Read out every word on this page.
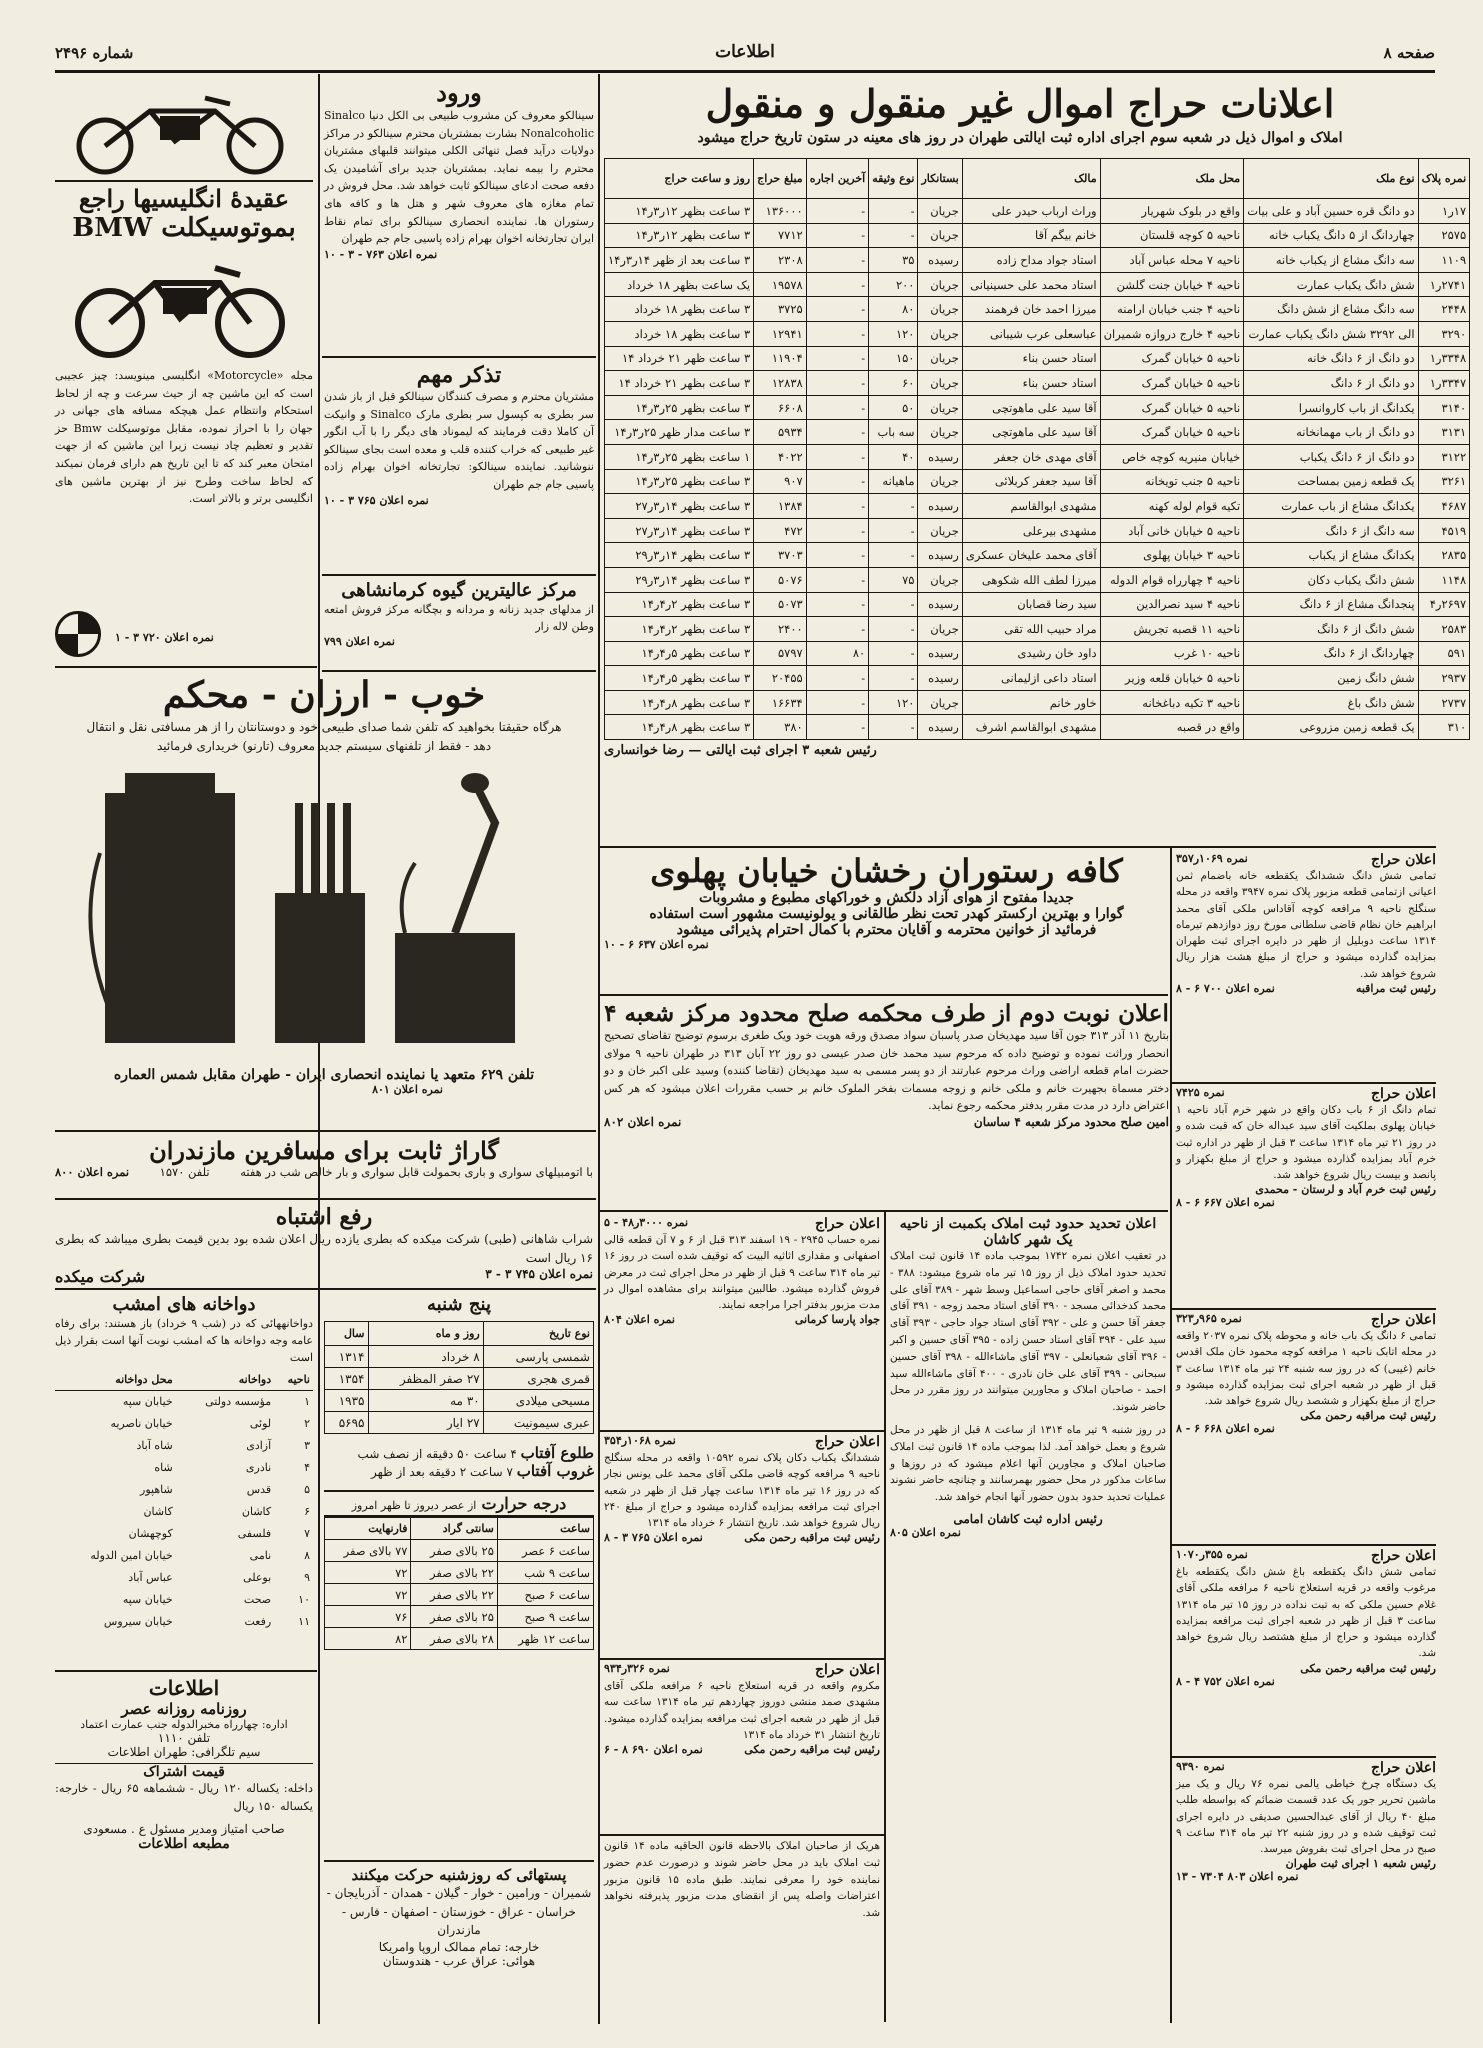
شماره ۲۴۹۶	اطلاعات	صفحه ۸
اعلانات حراج اموال غیر منقول و منقول
املاک و اموال ذیل در شعبه سوم اجرای اداره ثبت ایالتی طهران در روز های معینه در ستون تاریخ حراج میشود
نمره پلاک	نوع ملک	محل ملک	مالک	بستانکار	نوع وثیقه	آخرین اجاره	مبلغ حراج	روز و ساعت حراج
۱۷ر۱	دو دانگ قره حسین آباد و علی بیات	واقع در بلوک شهریار	وراث ارباب حیدر علی	جریان	-	-	۱۳۶۰۰۰	۳ ساعت بظهر ۱۲ر۳ر۱۴
۲۵۷۵	چهاردانگ از ۵ دانگ یکباب خانه	ناحیه ۵ کوچه قلستان	خانم بیگم آقا	جریان	-	-	۷۷۱۲	۳ ساعت بظهر ۱۲ر۳ر۱۴
۱۱۰۹	سه دانگ مشاع از یکباب خانه	ناحیه ۷ محله عباس آباد	استاد جواد مداح زاده	رسیده	۳۵	-	۲۳۰۸	۳ ساعت بعد از ظهر ۱۴ر۳ر۱۴
۲۷۴۱ر۱	شش دانگ یکباب عمارت	ناحیه ۴ خیابان جنت گلشن	استاد محمد علی حسینیانی	جریان	۲۰۰	-	۱۹۵۷۸	یک ساعت بظهر ۱۸ خرداد
۲۴۴۸	سه دانگ مشاع از شش دانگ	ناحیه ۴ جنب خیابان ارامنه	میرزا احمد خان فرهمند	جریان	۸۰	-	۳۷۲۵	۳ ساعت بظهر ۱۸ خرداد
۳۲۹۰	الی ۳۲۹۲ شش دانگ یکباب عمارت	ناحیه ۴ خارج دروازه شمیران	عباسعلی عرب شیبانی	جریان	۱۲۰	-	۱۲۹۴۱	۳ ساعت بظهر ۱۸ خرداد
۳۳۴۸ر۱	دو دانگ از ۶ دانگ خانه	ناحیه ۵ خیابان گمرک	استاد حسن بناء	جریان	۱۵۰	-	۱۱۹۰۴	۳ ساعت ظهر ۲۱ خرداد ۱۴
۳۳۴۷ر۱	دو دانگ از ۶ دانگ	ناحیه ۵ خیابان گمرک	استاد حسن بناء	جریان	۶۰	-	۱۲۸۳۸	۳ ساعت بظهر ۲۱ خرداد ۱۴
۳۱۴۰	یکدانگ از باب کاروانسرا	ناحیه ۵ خیابان گمرک	آقا سید علی ماهوتچی	جریان	۵۰	-	۶۶۰۸	۳ ساعت بظهر ۲۵ر۳ر۱۴
۳۱۳۱	دو دانگ از باب مهمانخانه	ناحیه ۵ خیابان گمرک	آقا سید علی ماهوتچی	جریان	سه باب	-	۵۹۳۴	۳ ساعت مدار ظهر ۲۵ر۳ر۱۴
۳۱۲۲	دو دانگ از ۶ دانگ یکباب	خیابان منیریه کوچه خاص	آقای مهدی خان جعفر	رسیده	۴۰	-	۴۰۲۲	۱ ساعت بظهر ۲۵ر۳ر۱۴
۳۲۶۱	یک قطعه زمین بمساحت	ناحیه ۵ جنب تویخانه	آقا سید جعفر کربلائی	جریان	ماهیانه	-	۹۰۷	۳ ساعت بظهر ۲۵ر۳ر۱۴
۴۶۸۷	یکدانگ مشاع از باب عمارت	تکیه قوام لوله کهنه	مشهدی ابوالقاسم	رسیده	-	-	۱۳۸۴	۳ ساعت بظهر ۱۴ر۳ر۲۷
۴۵۱۹	سه دانگ از ۶ دانگ	ناحیه ۵ خیابان خانی آباد	مشهدی بیرعلی	جریان	-	-	۴۷۲	۳ ساعت بظهر ۱۴ر۳ر۲۷
۲۸۳۵	یکدانگ مشاع از یکباب	ناحیه ۳ خیابان پهلوی	آقای محمد علیخان عسکری	رسیده	-	-	۳۷۰۳	۳ ساعت بظهر ۱۴ر۳ر۲۹
۱۱۴۸	شش دانگ یکباب دکان	ناحیه ۴ چهارراه قوام الدوله	میرزا لطف الله شکوهی	جریان	۷۵	-	۵۰۷۶	۳ ساعت بظهر ۱۴ر۳ر۲۹
۲۶۹۷ر۴	پنجدانگ مشاع از ۶ دانگ	ناحیه ۴ سید نصرالدین	سید رضا قصابان	رسیده	-	-	۵۰۷۳	۳ ساعت بظهر ۲ر۴ر۱۴
۲۵۸۳	شش دانگ از ۶ دانگ	ناحیه ۱۱ قصبه تجریش	مراد حبیب الله تقی	جریان	-	-	۲۴۰۰	۳ ساعت بظهر ۲ر۴ر۱۴
۵۹۱	چهاردانگ از ۶ دانگ	ناحیه ۱۰ غرب	داود خان رشیدی	رسیده	-	۸۰	۵۷۹۷	۳ ساعت بظهر ۵ر۴ر۱۴
۲۹۳۷	شش دانگ زمین	ناحیه ۵ خیابان قلعه وزیر	استاد داعی ازلیمانی	رسیده	-	-	۲۰۴۵۵	۳ ساعت بظهر ۵ر۴ر۱۴
۲۷۳۷	شش دانگ باغ	ناحیه ۳ تکیه دباغخانه	خاور خانم	جریان	۱۲۰	-	۱۶۶۳۴	۳ ساعت بظهر ۸ر۴ر۱۴
۳۱۰	یک قطعه زمین مزروعی	واقع در قصبه	مشهدی ابوالقاسم اشرف	رسیده	-	-	۳۸۰	۳ ساعت بظهر ۸ر۴ر۱۴
رئیس شعبه ۳ اجرای ثبت ایالتی — رضا خوانساری
ورود
سینالکو معروف کن مشروب طبیعی بی الکل دنیا Sinalco Nonalcoholic بشارت بمشتریان محترم سینالکو در مراکز دولایات درآید فصل تنهائی الکلی میتوانند قلبهای مشتریان محترم را بیمه نماید. بمشتریان جدید برای آشامیدن یک دفعه صحت ادعای سینالکو ثابت خواهد شد. محل فروش در تمام مغازه های معروف شهر و هتل ها و کافه های رستوران ها. نماینده انحصاری سینالکو برای تمام نقاط ایران تجارتخانه اخوان بهرام زاده پاسیی جام جم طهران
نمره اعلان ۷۶۳ - ۳ - ۱۰
تذکر مهم
مشتریان محترم و مصرف کنندگان سینالکو قبل از باز شدن سر بطری به کپسول سر بطری مارک Sinalco و وانیکت آن کاملا دقت فرمایند که لیموناد های دیگر را با آب انگور غیر طبیعی که خراب کننده قلب و معده است بجای سینالکو ننوشانید. نماینده سینالکو: تجارتخانه اخوان بهرام زاده پاسیی جام جم طهران
نمره اعلان ۷۶۵ ۳ - ۱۰
مرکز عالیترین گیوه کرمانشاهی
از مدلهای جدید زنانه و مردانه و بچگانه مرکز فروش امتعه وطن لاله زار
نمره اعلان ۷۹۹
عقیدهٔ انگلیسیها راجع
بموتوسیکلت BMW
مجله «Motorcycle» انگلیسی مینویسد: چیز عجیبی است که این ماشین چه از حیث سرعت و چه از لحاظ استحکام وانتظام عمل هیچکه مسافه های جهانی در جهان را با احراز نموده، مقابل موتوسیکلت Bmw حز تقدیر و تعظیم چاد نیست زیرا این ماشین که از جهت امتحان معبر کند که تا این تاریخ هم دارای فرمان نمیکند که لحاظ ساخت وطرح نیز از بهترین ماشین های انگلیسی برتر و بالاتر است.
نمره اعلان ۷۲۰ ۳ - ۱
خوب - ارزان - محکم
هرگاه حقیقتا بخواهید که تلفن شما صدای طبیعی خود و دوستانتان را از هر مسافتی نقل و انتقال دهد - فقط از تلفنهای سیستم جدید معروف (تارنو) خریداری فرمائید
تلفن ۶۲۹ متعهد یا نماینده انحصاری ایران - طهران مقابل شمس العماره
نمره اعلان ۸۰۱
گاراژ ثابت برای مسافرین مازندران
با اتومبیلهای سواری و باری بحمولت قابل سواری و بار خالص شب در هفته
تلفن ۱۵۷۰
نمره اعلان ۸۰۰
رفع اشتباه
شراب شاهانی (طبی) شرکت میکده که بطری یازده ریال اعلان شده بود بدین قیمت بطری میباشد که بطری ۱۶ ریال است
نمره اعلان ۷۴۵ ۳ - ۳
شرکت میکده
دواخانه های امشب
دواخانههائی که در (شب ۹ خرداد) باز هستند: برای رفاه عامه وجه دواخانه ها که امشب نوبت آنها است بقرار ذیل است
ناحیه	دواخانه	محل دواخانه
۱	مؤسسه دولتی	خیابان سپه
۲	لوئی	خیابان ناصریه
۳	آزادی	شاه آباد
۴	نادری	شاه
۵	قدس	شاهپور
۶	کاشان	کاشان
۷	فلسفی	کوچهشان
۸	نامی	خیابان امین الدوله
۹	بوعلی	عباس آباد
۱۰	صحت	خیابان سپه
۱۱	رفعت	خیابان سیروس
اطلاعات
روزنامه روزانه عصر
اداره: چهارراه مخبرالدوله جنب عمارت اعتماد
تلفن ۱۱۱۰
سیم تلگرافی: طهران اطلاعات
قیمت اشتراک
داخله: یکساله ۱۲۰ ریال - ششماهه ۶۵ ریال - خارجه: یکساله ۱۵۰ ریال
صاحب امتیاز ومدیر مسئول ع . مسعودی
مطبعه اطلاعات
پنج شنبه
نوع تاریخ	روز و ماه	سال
شمسی پارسی	۸ خرداد	۱۳۱۴
قمری هجری	۲۷ صفر المظفر	۱۳۵۴
مسیحی میلادی	۳۰ مه	۱۹۳۵
عبری سیمونیت	۲۷ ایار	۵۶۹۵
طلوع آفتاب ۴ ساعت ۵۰ دقیقه از نصف شب
غروب آفتاب ۷ ساعت ۲ دقیقه بعد از ظهر
درجه حرارت از عصر دیروز تا ظهر امروز
ساعت	سانتی گراد	فارنهایت
ساعت ۶ عصر	۲۵ بالای صفر	۷۷ بالای صفر
ساعت ۹ شب	۲۲ بالای صفر	۷۲
ساعت ۶ صبح	۲۲ بالای صفر	۷۲
ساعت ۹ صبح	۲۵ بالای صفر	۷۶
ساعت ۱۲ ظهر	۲۸ بالای صفر	۸۲
پستهائی که روزشنبه حرکت میکنند
شمیران - ورامین - خوار - گیلان - همدان - آذربایجان - خراسان - عراق - خوزستان - اصفهان - فارس - مازندران
خارجه: تمام ممالک اروپا وامریکا
هوائی: عراق عرب - هندوستان
کافه رستوران رخشان خیابان پهلوی
جدیدا مفتوح از هوای آزاد دلکش و خوراکهای مطبوع و مشروبات
گوارا و بهترین ارکستر کهدر تحت نظر طالقانی و یولونیست مشهور است استفاده
فرمائید از خوانین محترمه و آقایان محترم با کمال احترام پذیرائی میشود
نمره اعلان ۶۳۷ ۶ - ۱۰
اعلان نوبت دوم از طرف محکمه صلح محدود مرکز شعبه ۴
بتاریخ ۱۱ آذر ۳۱۳ جون آقا سید مهدیخان صدر پاسبان سواد مصدق ورقه هویت خود ویک طغری برسوم توضیح تقاضای تصحیح انحصار وراثت نموده و توضیح داده که مرحوم سید محمد خان صدر عیسی دو روز ۲۲ آبان ۳۱۳ در طهران ناحیه ۹ مولای حضرت امام قطعه اراضی وراث مرحوم عبارتند از دو پسر مسمی به سید مهدیخان (تقاضا کننده) وسید علی اکبر خان و دو دختر مسماة بجهیرت خانم و ملکی خانم و زوجه مسمات بفخر الملوک خانم بر حسب مقررات اعلان میشود که هر کس اعتراض دارد در مدت مقرر بدفتر محکمه رجوع نماید.
امین صلح محدود مرکز شعبه ۴ ساسان
نمره اعلان ۸۰۲
اعلان حراج
نمره ۱۰۶۹ر۳۵۷
تمامی شش دانگ ششدانگ یکقطعه خانه باضمام ثمن اعیانی ازتمامی قطعه مزبور پلاک نمره ۳۹۴۷ واقعه در محله سنگلج ناحیه ۹ مرافعه کوچه آقاداس ملکی آقای محمد ابراهیم خان نظام قاضی سلطانی مورخ روز دوازدهم تیرماه ۱۳۱۴ ساعت دوبلیل از ظهر در دایره اجرای ثبت طهران بمزایده گذارده میشود و حراج از مبلغ هشت هزار ریال شروع خواهد شد.
رئیس ثبت مراقبه
نمره اعلان ۷۰۰ ۶ - ۸
اعلان حراج
نمره ۷۴۲۵
تمام دانگ از ۶ باب دکان واقع در شهر خرم آباد ناحیه ۱ خیابان پهلوی بملکیت آقای سید عبداله خان که قبت شده و در روز ۲۱ تیر ماه ۱۳۱۴ ساعت ۳ قبل از ظهر در اداره ثبت خرم آباد بمزایده گذارده میشود و حراج از مبلغ بکهزار و پانصد و بیست ریال شروع خواهد شد.
رئیس ثبت خرم آباد و لرستان - محمدی
نمره اعلان ۶۶۷ ۶ - ۸
اعلان حراج
نمره ۹۶۵ر۳۲۳
تمامی ۶ دانگ یک باب خانه و محوطه پلاک نمره ۲۰۳۷ واقعه در محله اتابک ناحیه ۱ مرافعه کوچه محمود خان ملک اقدس خانم (غیبی) که در روز سه شنبه ۲۴ تیر ماه ۱۳۱۴ ساعت ۳ قبل از ظهر در شعبه اجرای ثبت بمزایده گذارده میشود و حراج از مبلغ بکهزار و ششصد ریال شروع خواهد شد.
رئیس ثبت مراقبه رحمن مکی
نمره اعلان ۶۶۸ ۶ - ۸
اعلان حراج
نمره ۳۵۵ر۱۰۷۰
تمامی شش دانگ یکقطعه باغ شش دانگ یکقطعه باغ مرغوب واقعه در قریه استعلاج ناحیه ۶ مرافعه ملکی آقای غلام حسین ملکی که به تبت نداده در روز ۱۵ تیر ماه ۱۳۱۴ ساعت ۳ قبل از ظهر در شعبه اجرای ثبت مرافعه بمزایده گذارده میشود و حراج از مبلغ هشتصد ریال شروع خواهد شد.
رئیس ثبت مراقبه رحمن مکی
نمره اعلان ۷۵۲ ۴ - ۸
اعلان حراج
نمره ۹۳۹۰
یک دستگاه چرخ خیاطی یالمی نمره ۷۶ ریال و یک میز ماشین تحریر جور یک عدد قسمت ضمائم که بواسطه طلب مبلغ ۴۰ ریال از آقای عبدالحسین صدیقی در دایره اجرای ثبت توقیف شده و در روز شنبه ۲۲ تیر ماه ۳۱۴ ساعت ۹ صبح در محل اجرای ثبت بفروش میرسد.
رئیس شعبه ۱ اجرای ثبت طهران
نمره اعلان ۸۰۳ ۷۳۰۴ - ۱۳
اعلان تحدید حدود ثبت املاک بکمبت از ناحیه یک شهر کاشان
در تعقیب اعلان نمره ۱۷۴۲ بموجب ماده ۱۴ قانون ثبت املاک تحدید حدود املاک ذیل از روز ۱۵ تیر ماه شروع میشود: ۳۸۸ - محمد و اصغر آقای حاجی اسماعیل وسط شهر - ۳۸۹ آقای علی محمد کدخدائی مسجد - ۳۹۰ آقای استاد محمد زوجه - ۳۹۱ آقای جعفر آقا حسن و علی - ۳۹۲ آقای استاد جواد حاجی - ۳۹۳ آقای سید علی - ۳۹۴ آقای استاد حسن زاده - ۳۹۵ آقای حسین و اکبر - ۳۹۶ آقای شعبانعلی - ۳۹۷ آقای ماشاءالله - ۳۹۸ آقای حسین سبحانی - ۳۹۹ آقای علی خان نادری - ۴۰۰ آقای ماشاءالله سید احمد - صاحبان املاک و مجاورین میتوانند در روز مقرر در محل حاضر شوند.
در روز شنبه ۹ تیر ماه ۱۳۱۴ از ساعت ۸ قبل از ظهر در محل شروع و بعمل خواهد آمد. لذا بموجب ماده ۱۴ قانون ثبت املاک صاحبان املاک و مجاورین آنها اعلام میشود که در روزها و ساعات مذکور در محل حضور بهمرسانند و چنانچه حاضر نشوند عملیات تحدید حدود بدون حضور آنها انجام خواهد شد.
رئیس اداره ثبت کاشان امامی
نمره اعلان ۸۰۵
اعلان حراج
نمره ۳۰۰۰ر۴۸ - ۵
نمره حساب ۲۹۴۵ - ۱۹ اسفند ۳۱۳ قبل از ۶ و ۷ آن قطعه قالی اصفهانی و مقداری اثاثیه البیت که توقیف شده است در روز ۱۶ تیر ماه ۳۱۴ ساعت ۹ قبل از ظهر در محل اجرای ثبت در معرض فروش گذارده میشود. طالبین میتوانند برای مشاهده اموال در مدت مزبور بدفتر اجرا مراجعه نمایند.
جواد پارسا کرمانی
نمره اعلان ۸۰۴
اعلان حراج
نمره ۱۰۶۸ر۳۵۴
ششدانگ یکباب دکان پلاک نمره ۱۰۵۹۲ واقعه در محله سنگلج ناحیه ۹ مرافعه کوچه قاضی ملکی آقای محمد علی یونس نجار که در روز ۱۶ تیر ماه ۱۳۱۴ ساعت چهار قبل از ظهر در شعبه اجرای ثبت مرافعه بمزایده گذارده میشود و حراج از مبلغ ۲۴۰ ریال شروع خواهد شد. تاریخ انتشار ۶ خرداد ماه ۱۳۱۴
رئیس ثبت مراقبه رحمن مکی
نمره اعلان ۷۶۵ ۳ - ۸
اعلان حراج
نمره ۳۲۶ر۹۳۴
مکروم واقعه در قریه استعلاج ناحیه ۶ مرافعه ملکی آقای مشهدی صمد منشی دوروز چهاردهم تیر ماه ۱۳۱۴ ساعت سه قبل از ظهر در شعبه اجرای ثبت مرافعه بمزایده گذارده میشود. تاریخ انتشار ۳۱ خرداد ماه ۱۳۱۴
رئیس ثبت مراقبه رحمن مکی
نمره اعلان ۶۹۰ ۸ - ۶
هریک از صاحبان املاک بالاحظه قانون الحاقیه ماده ۱۴ قانون ثبت املاک باید در محل حاضر شوند و درصورت عدم حضور نماینده خود را معرفی نمایند. طبق ماده ۱۵ قانون مزبور اعتراضات واصله پس از انقضای مدت مزبور پذیرفته نخواهد شد.
